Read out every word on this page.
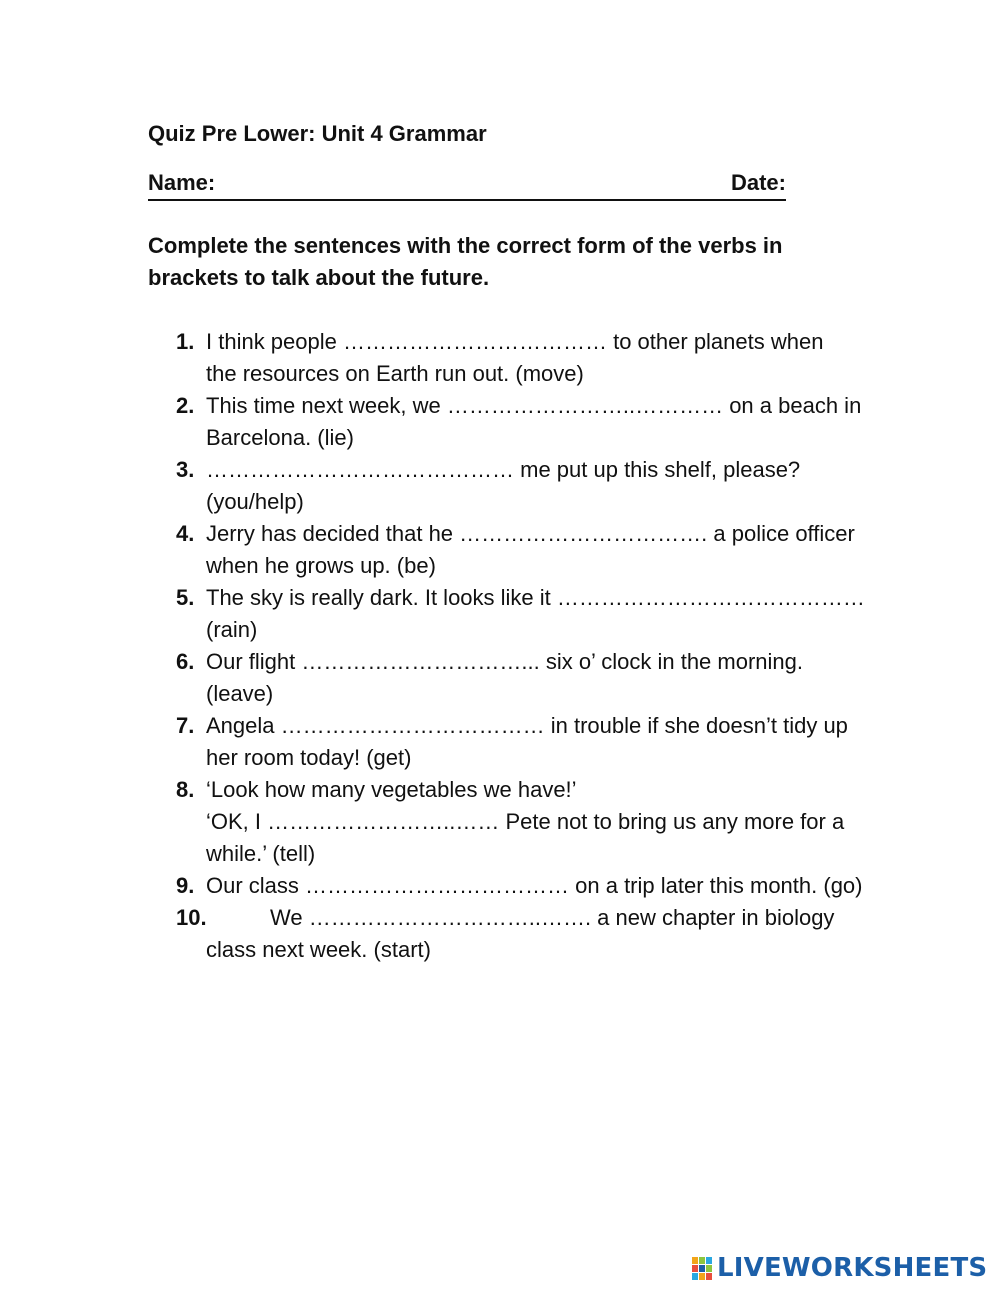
Quiz Pre Lower: Unit 4 Grammar
Name:	Date:
Complete the sentences with the correct form of the verbs in
brackets to talk about the future.
1. I think people ……………………………… to other planets when
the resources on Earth run out. (move)
2. This time next week, we ……………………..………… on a beach in
Barcelona. (lie)
3. …………………………………… me put up this shelf, please?
(you/help)
4. Jerry has decided that he ……………………………. a police officer
when he grows up. (be)
5. The sky is really dark. It looks like it ……………………………………
(rain)
6. Our flight …………………………... six o’ clock in the morning.
(leave)
7. Angela ……………………………… in trouble if she doesn’t tidy up
her room today! (get)
8. ‘Look how many vegetables we have!’
‘OK, I ……………………..…… Pete not to bring us any more for a
while.’ (tell)
9. Our class ……………………………… on a trip later this month. (go)
10.	We …………………………..……. a new chapter in biology
class next week. (start)
LIVEWORKSHEETS
